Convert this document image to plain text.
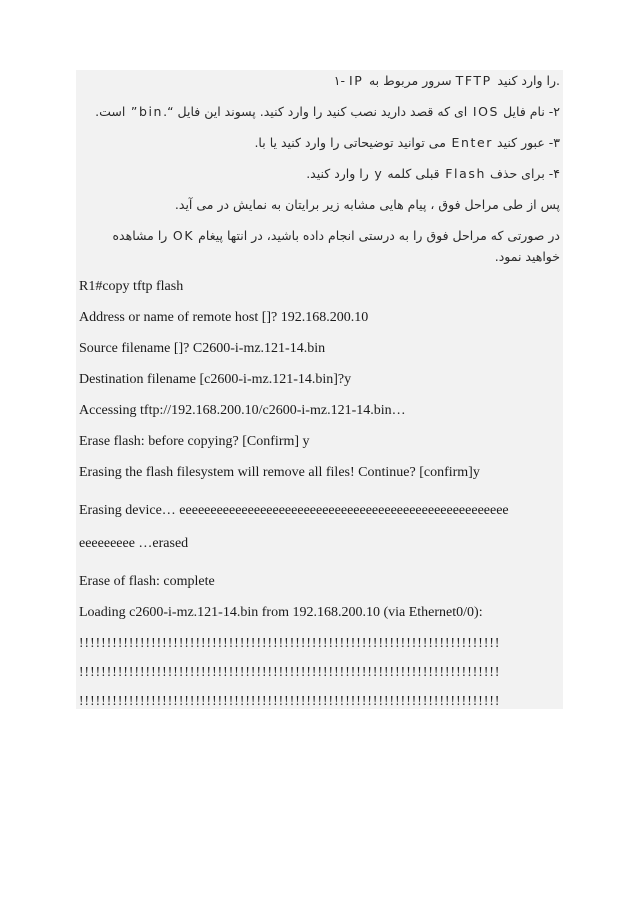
۱- IP سرور مربوط به TFTP را وارد کنید.
۲- نام فایل IOS ای که قصد دارید نصب کنید را وارد کنید. پسوند این فایل “.bin” است.
۳- عبور کنید Enter می توانید توضیحاتی را وارد کنید یا با.
۴- برای حذف Flash قبلی کلمه y را وارد کنید.
پس از طی مراحل فوق ، پیام هایی مشابه زیر برایتان به نمایش در می آید.
در صورتی که مراحل فوق را به درستی انجام داده باشید، در انتها پیغام OK را مشاهده خواهید نمود.
R1#copy tftp flash
Address or name of remote host []? 192.168.200.10
Source filename []? C2600-i-mz.121-14.bin
Destination filename [c2600-i-mz.121-14.bin]?y
Accessing tftp://192.168.200.10/c2600-i-mz.121-14.bin…
Erase flash: before copying? [Confirm] y
Erasing the flash filesystem will remove all files! Continue? [confirm]y
Erasing device… eeeeeeeeeeeeeeeeeeeeeeeeeeeeeeeeeeeeeeeeeeeeeeeeeeeee eeeeeeeee …erased
Erase of flash: complete
Loading c2600-i-mz.121-14.bin from 192.168.200.10 (via Ethernet0/0):
!!!!!!!!!!!!!!!!!!!!!!!!!!!!!!!!!!!!!!!!!!!!!!!!!!!!!!!!!!!!!!!!!!!!!!!!!!!!
!!!!!!!!!!!!!!!!!!!!!!!!!!!!!!!!!!!!!!!!!!!!!!!!!!!!!!!!!!!!!!!!!!!!!!!!!!!!
!!!!!!!!!!!!!!!!!!!!!!!!!!!!!!!!!!!!!!!!!!!!!!!!!!!!!!!!!!!!!!!!!!!!!!!!!!!!
